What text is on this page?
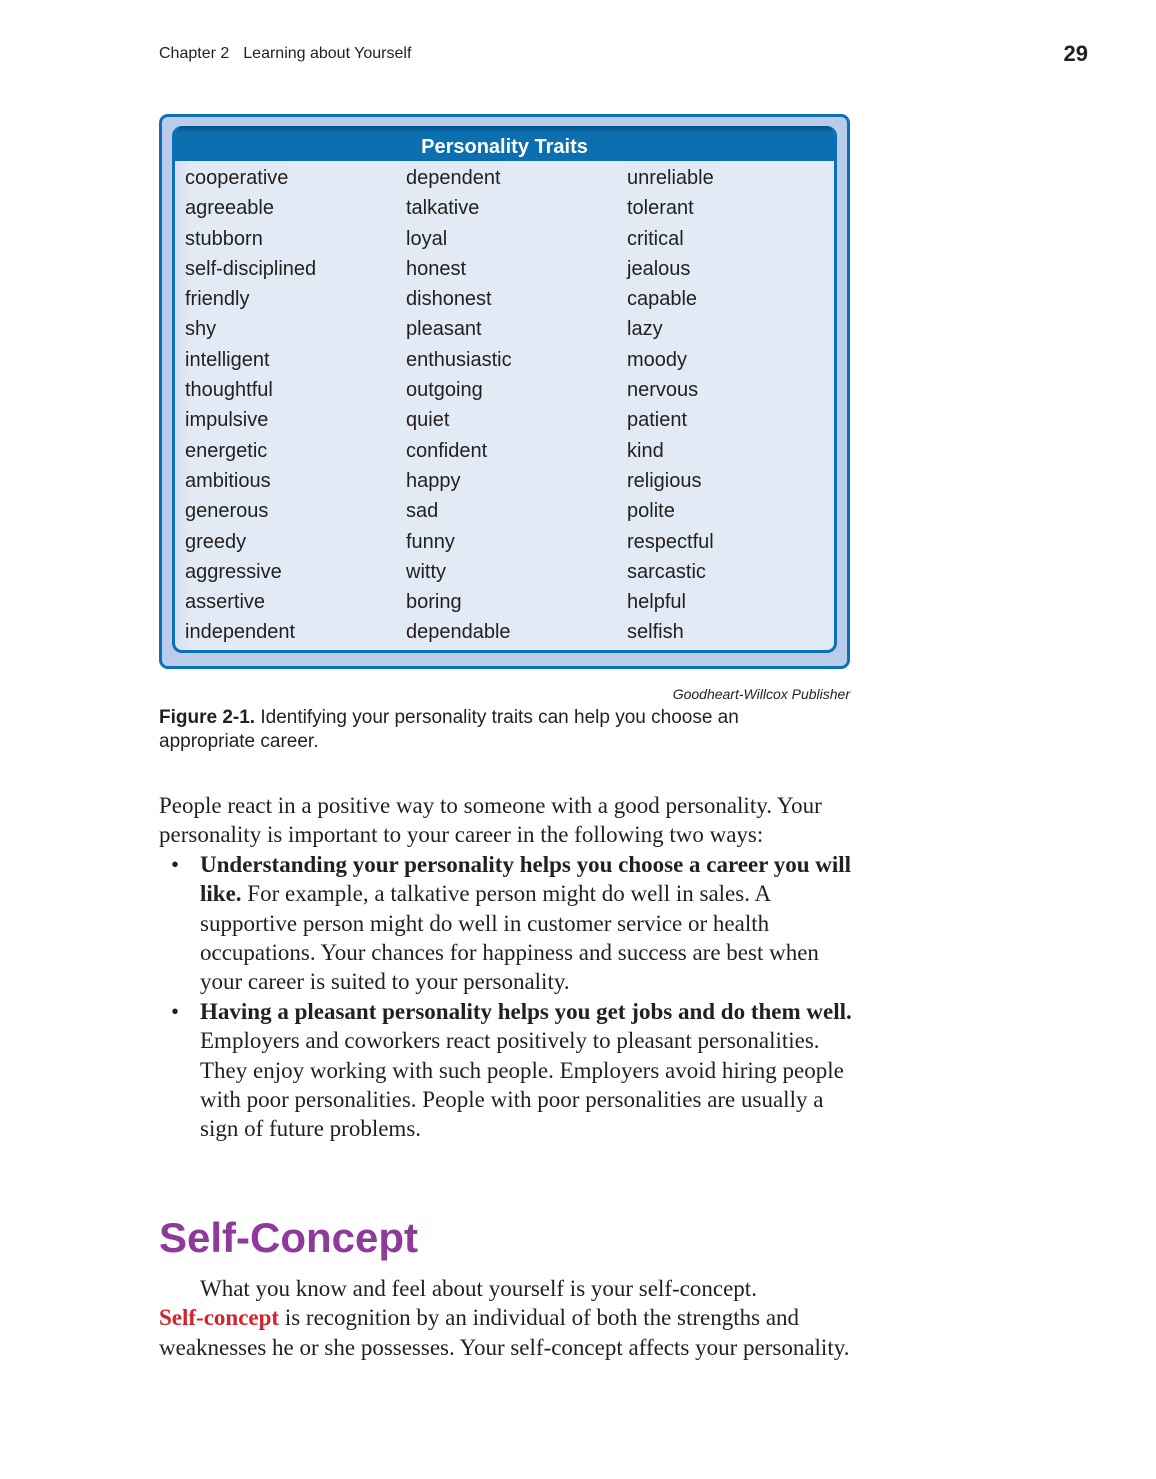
Chapter 2 Learning about Yourself	29
Personality Traits
cooperative	dependent	unreliable
agreeable	talkative	tolerant
stubborn	loyal	critical
self-disciplined	honest	jealous
friendly	dishonest	capable
shy	pleasant	lazy
intelligent	enthusiastic	moody
thoughtful	outgoing	nervous
impulsive	quiet	patient
energetic	confident	kind
ambitious	happy	religious
generous	sad	polite
greedy	funny	respectful
aggressive	witty	sarcastic
assertive	boring	helpful
independent	dependable	selfish
Goodheart-Willcox Publisher
Figure 2-1. Identifying your personality traits can help you choose an appropriate career.
People react in a positive way to someone with a good personality. Your personality is important to your career in the following two ways:
• Understanding your personality helps you choose a career you will like. For example, a talkative person might do well in sales. A supportive person might do well in customer service or health occupations. Your chances for happiness and success are best when your career is suited to your personality.
• Having a pleasant personality helps you get jobs and do them well. Employers and coworkers react positively to pleasant personalities. They enjoy working with such people. Employers avoid hiring people with poor personalities. People with poor personalities are usually a sign of future problems.
Self-Concept
What you know and feel about yourself is your self-concept.
Self-concept is recognition by an individual of both the strengths and weaknesses he or she possesses. Your self-concept affects your personality.
